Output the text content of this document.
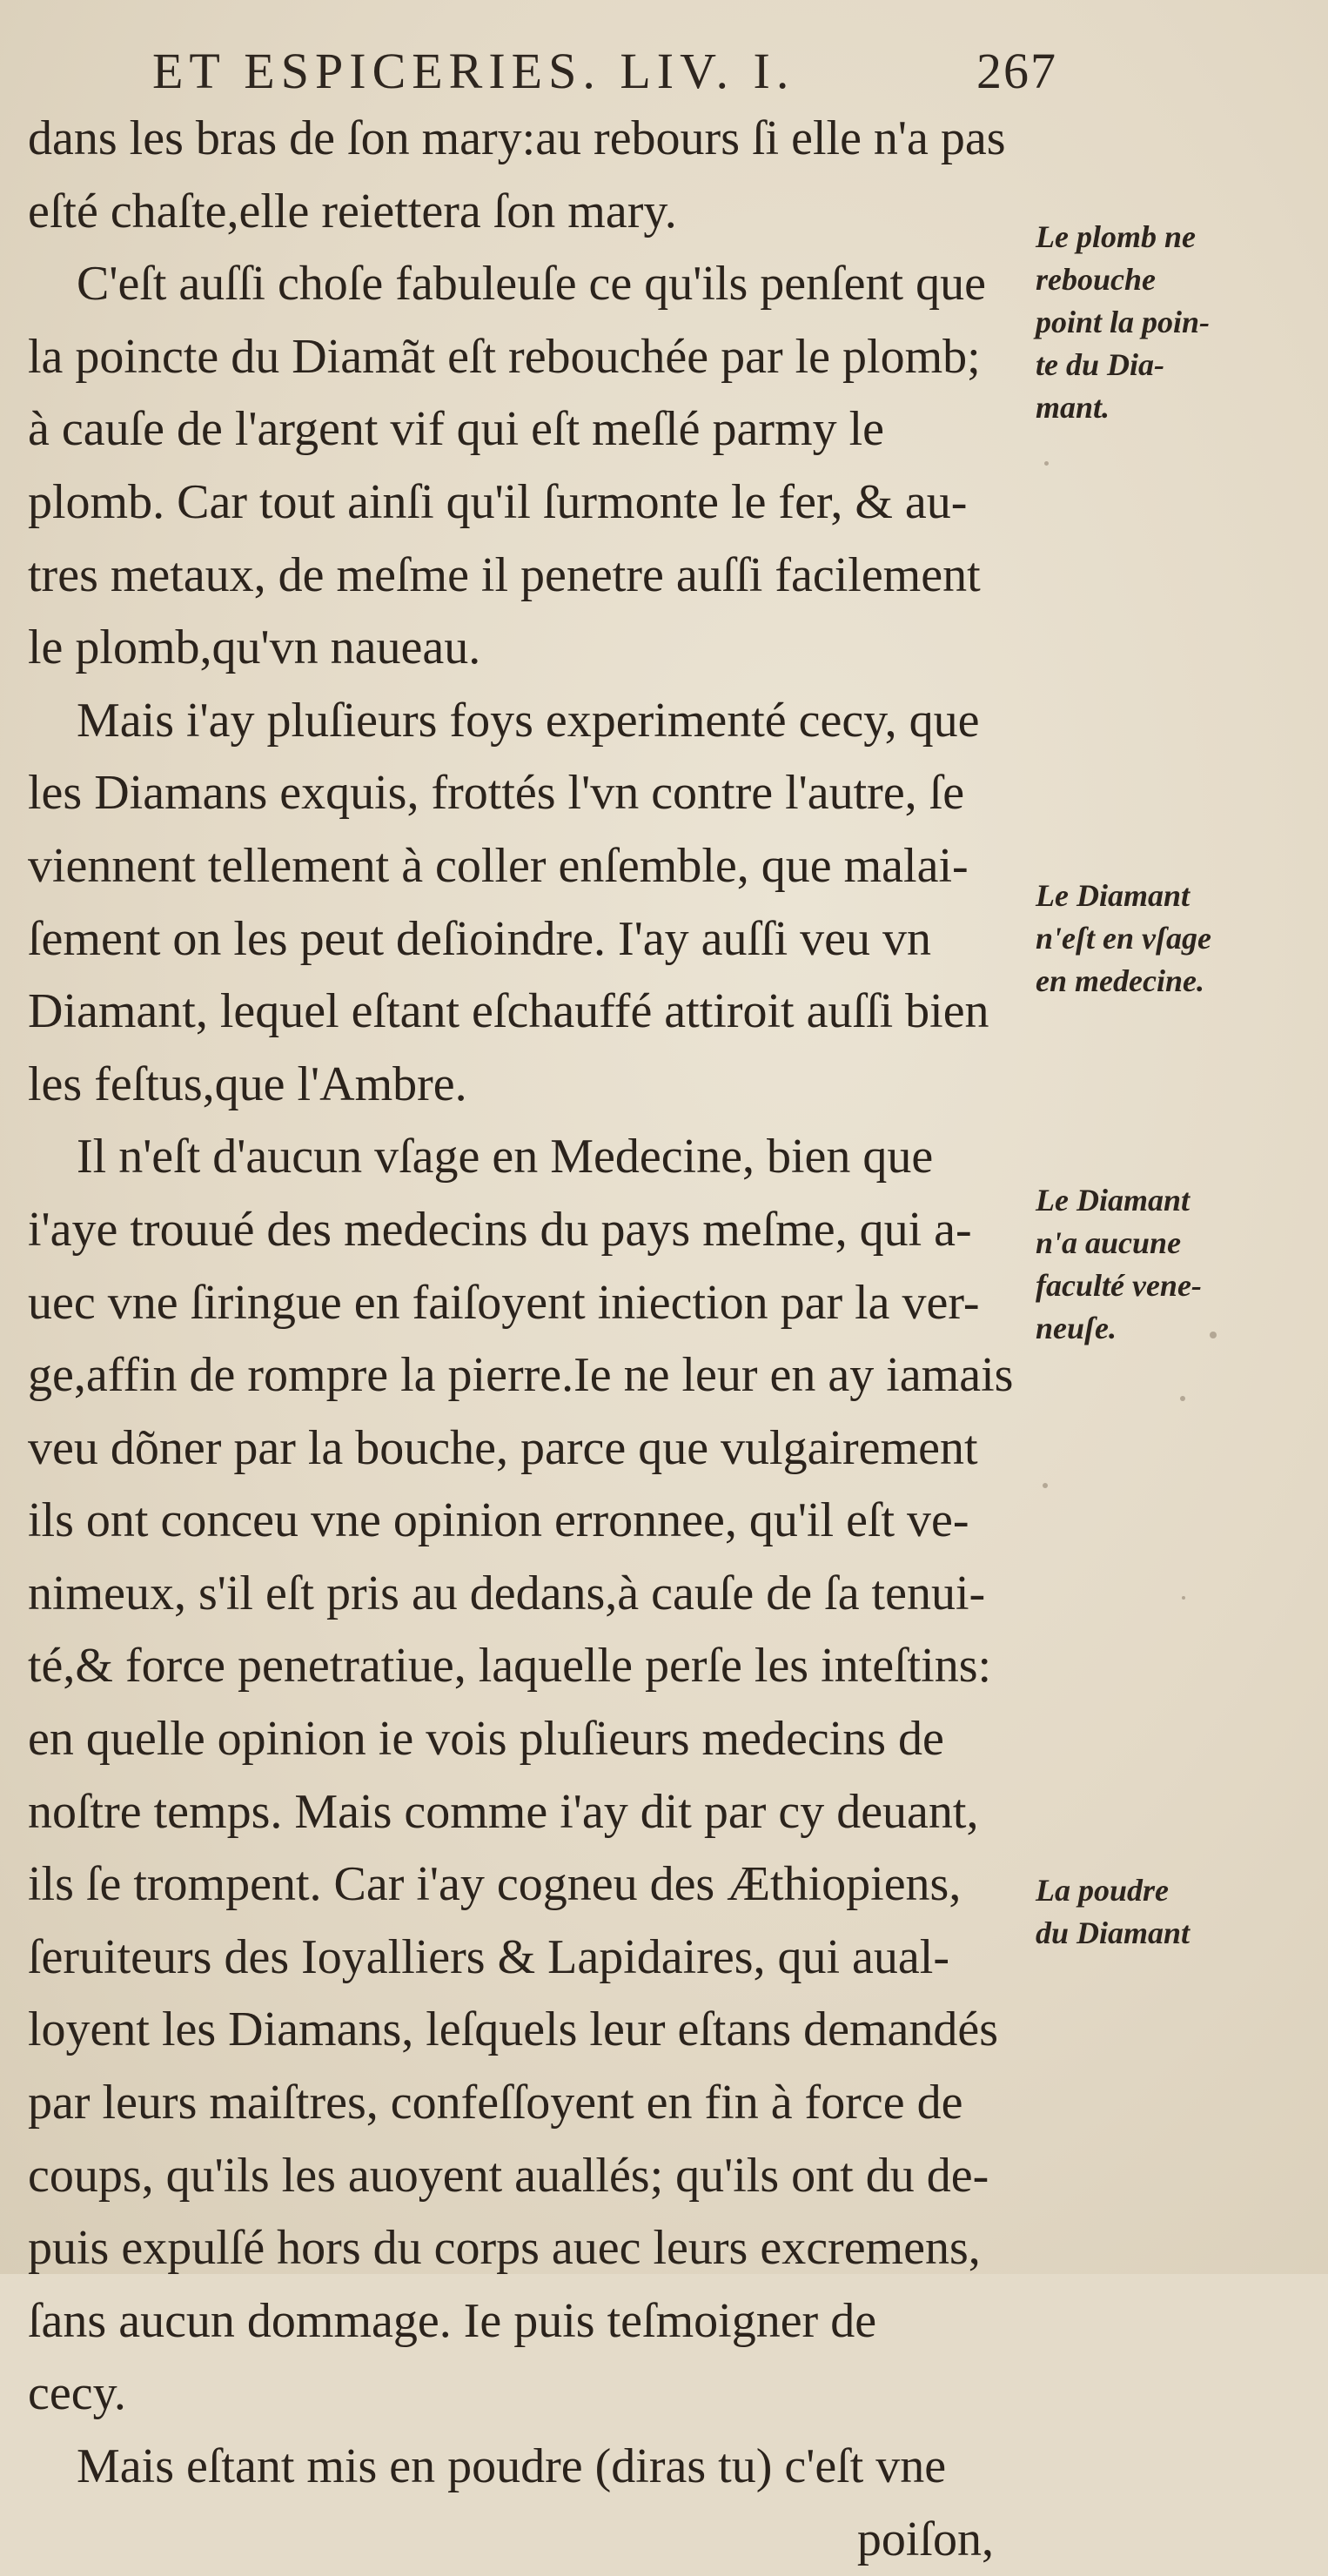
ET ESPICERIES. LIV. I.	267
dans les bras de ſon mary:au rebours ſi elle n'a pas
eſté chaſte,elle reiettera ſon mary.
C'eſt auſſi choſe fabuleuſe ce qu'ils penſent que
la poincte du Diamãt eſt rebouchée par le plomb;
à cauſe de l'argent vif qui eſt meſlé parmy le
plomb. Car tout ainſi qu'il ſurmonte le fer, & au-
tres metaux, de meſme il penetre auſſi facilement
le plomb,qu'vn naueau.
Mais i'ay pluſieurs foys experimenté cecy, que
les Diamans exquis, frottés l'vn contre l'autre, ſe
viennent tellement à coller enſemble, que malai-
ſement on les peut deſioindre. I'ay auſſi veu vn
Diamant, lequel eſtant eſchauffé attiroit auſſi bien
les feſtus,que l'Ambre.
Il n'eſt d'aucun vſage en Medecine, bien que
i'aye trouué des medecins du pays meſme, qui a-
uec vne ſiringue en faiſoyent iniection par la ver-
ge,affin de rompre la pierre.Ie ne leur en ay iamais
veu dõner par la bouche, parce que vulgairement
ils ont conceu vne opinion erronnee, qu'il eſt ve-
nimeux, s'il eſt pris au dedans,à cauſe de ſa tenui-
té,& force penetratiue, laquelle perſe les inteſtins:
en quelle opinion ie vois pluſieurs medecins de
noſtre temps. Mais comme i'ay dit par cy deuant,
ils ſe trompent. Car i'ay cogneu des Æthiopiens,
ſeruiteurs des Ioyalliers & Lapidaires, qui aual-
loyent les Diamans, leſquels leur eſtans demandés
par leurs maiſtres, confeſſoyent en fin à force de
coups, qu'ils les auoyent auallés; qu'ils ont du de-
puis expulſé hors du corps auec leurs excremens,
ſans aucun dommage. Ie puis teſmoigner de
cecy.
Mais eſtant mis en poudre (diras tu) c'eſt vne
poiſon,
Le plomb ne
rebouche
point la poin-
te du Dia-
mant.
Le Diamant
n'eſt en vſage
en medecine.
Le Diamant
n'a aucune
faculté vene-
neuſe.
La poudre
du Diamant
